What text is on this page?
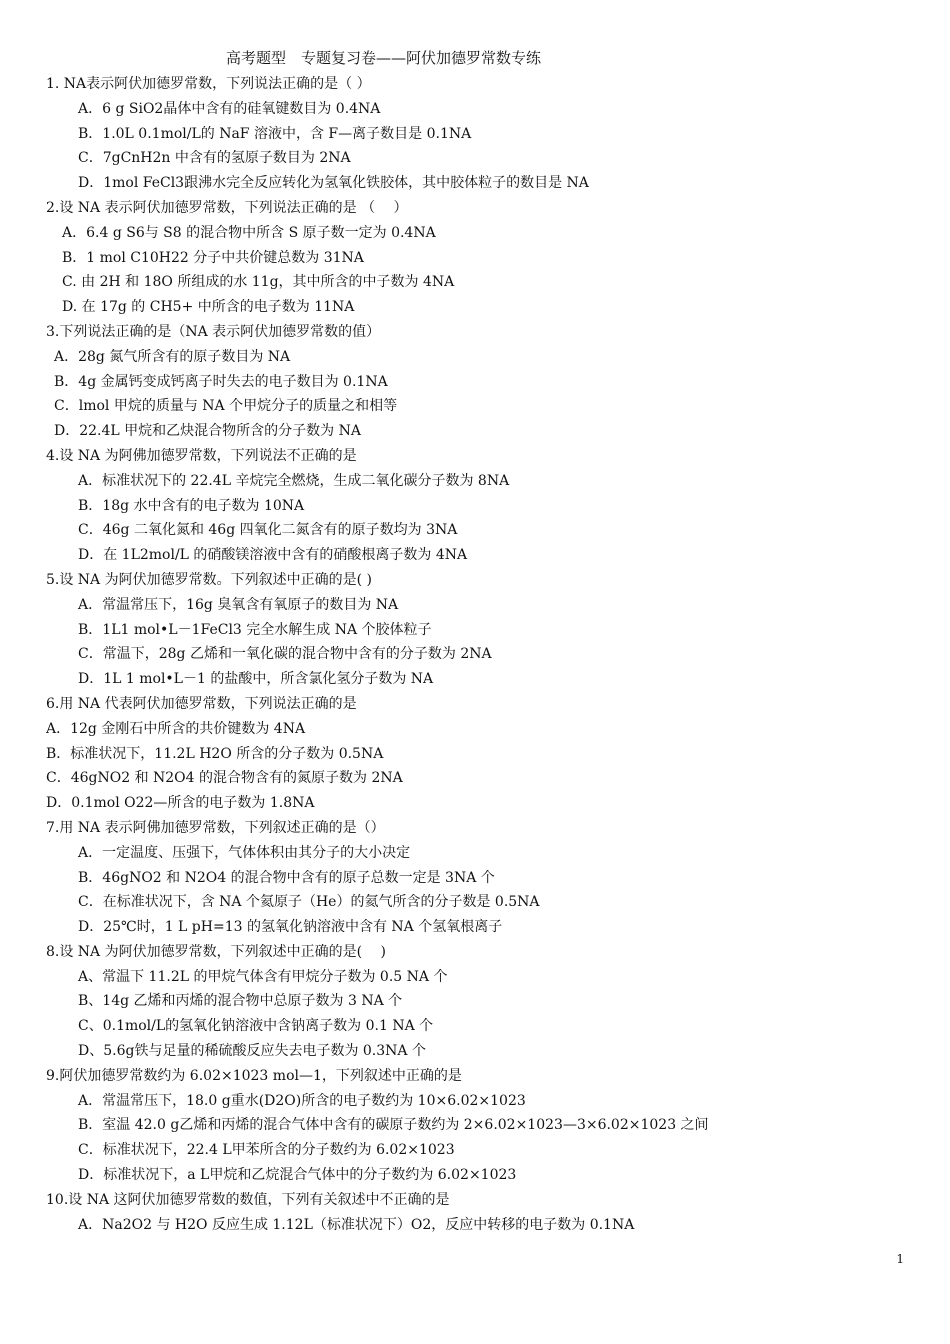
高考题型　专题复习卷——阿伏加德罗常数专练
1. NA表示阿伏加德罗常数，下列说法正确的是（ ）
A．6 g SiO2晶体中含有的硅氧键数目为 0.4NA
B．1.0L 0.1mol/L的 NaF 溶液中，含 F—离子数目是 0.1NA
C．7gCnH2n 中含有的氢原子数目为 2NA
D．1mol FeCl3跟沸水完全反应转化为氢氧化铁胶体，其中胶体粒子的数目是 NA
2.设 NA 表示阿伏加德罗常数，下列说法正确的是 （　 ）
A．6.4 g S6与 S8 的混合物中所含 S 原子数一定为 0.4NA
B．1 mol C10H22 分子中共价键总数为 31NA
C. 由 2H 和 18O 所组成的水 11g，其中所含的中子数为 4NA
D. 在 17g 的 CH5+ 中所含的电子数为 11NA
3.下列说法正确的是（NA 表示阿伏加德罗常数的值）
A．28g 氮气所含有的原子数目为 NA
B．4g 金属钙变成钙离子时失去的电子数目为 0.1NA
C．lmol 甲烷的质量与 NA 个甲烷分子的质量之和相等
D．22.4L 甲烷和乙炔混合物所含的分子数为 NA
4.设 NA 为阿佛加德罗常数，下列说法不正确的是
A．标准状况下的 22.4L 辛烷完全燃烧，生成二氧化碳分子数为 8NA
B．18g 水中含有的电子数为 10NA
C．46g 二氧化氮和 46g 四氧化二氮含有的原子数均为 3NA
D．在 1L2mol/L 的硝酸镁溶液中含有的硝酸根离子数为 4NA
5.设 NA 为阿伏加德罗常数。下列叙述中正确的是( )
A．常温常压下，16g 臭氧含有氧原子的数目为 NA
B．1L1 mol•L－1FeCl3 完全水解生成 NA 个胶体粒子
C．常温下，28g 乙烯和一氧化碳的混合物中含有的分子数为 2NA
D．1L 1 mol•L－1 的盐酸中，所含氯化氢分子数为 NA
6.用 NA 代表阿伏加德罗常数，下列说法正确的是
A．12g 金刚石中所含的共价键数为 4NA
B．标准状况下，11.2L H2O 所含的分子数为 0.5NA
C．46gNO2 和 N2O4 的混合物含有的氮原子数为 2NA
D．0.1mol O22—所含的电子数为 1.8NA
7.用 NA 表示阿佛加德罗常数，下列叙述正确的是（）
A．一定温度、压强下，气体体积由其分子的大小决定
B．46gNO2 和 N2O4 的混合物中含有的原子总数一定是 3NA 个
C．在标准状况下，含 NA 个氦原子（He）的氦气所含的分子数是 0.5NA
D．25℃时，1 L pH=13 的氢氧化钠溶液中含有 NA 个氢氧根离子
8.设 NA 为阿伏加德罗常数，下列叙述中正确的是(　 )
A、常温下 11.2L 的甲烷气体含有甲烷分子数为 0.5 NA 个
B、14g 乙烯和丙烯的混合物中总原子数为 3 NA 个
C、0.1mol/L的氢氧化钠溶液中含钠离子数为 0.1 NA 个
D、5.6g铁与足量的稀硫酸反应失去电子数为 0.3NA 个
9.阿伏加德罗常数约为 6.02×1023 mol—1，下列叙述中正确的是
A．常温常压下，18.0 g重水(D2O)所含的电子数约为 10×6.02×1023
B．室温 42.0 g乙烯和丙烯的混合气体中含有的碳原子数约为 2×6.02×1023—3×6.02×1023 之间
C．标准状况下，22.4 L甲苯所含的分子数约为 6.02×1023
D．标准状况下，a L甲烷和乙烷混合气体中的分子数约为 6.02×1023
10.设 NA 这阿伏加德罗常数的数值，下列有关叙述中不正确的是
A．Na2O2 与 H2O 反应生成 1.12L（标准状况下）O2，反应中转移的电子数为 0.1NA
1
